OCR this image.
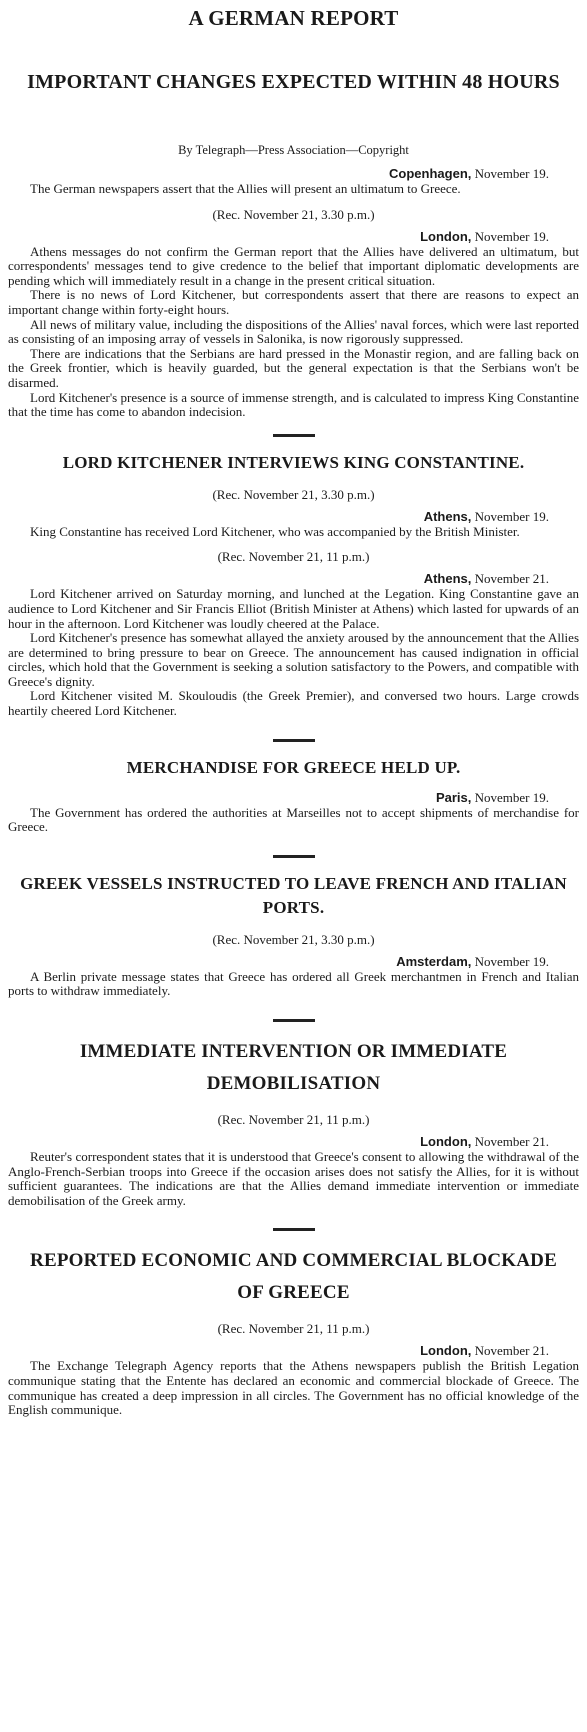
A GERMAN REPORT
IMPORTANT CHANGES EXPECTED WITHIN 48 HOURS
By Telegraph—Press Association—Copyright
Copenhagen, November 19.

The German newspapers assert that the Allies will present an ultimatum to Greece.

(Rec. November 21, 3.30 p.m.)
London, November 19.

Athens messages do not confirm the German report that the Allies have delivered an ultimatum, but correspondents' messages tend to give credence to the belief that important diplomatic developments are pending which will immediately result in a change in the present critical situation.

There is no news of Lord Kitchener, but correspondents assert that there are reasons to expect an important change within forty-eight hours.

All news of military value, including the dispositions of the Allies' naval forces, which were last reported as consisting of an imposing array of vessels in Salonika, is now rigorously suppressed.

There are indications that the Serbians are hard pressed in the Monastir region, and are falling back on the Greek frontier, which is heavily guarded, but the general expectation is that the Serbians won't be disarmed.

Lord Kitchener's presence is a source of immense strength, and is calculated to impress King Constantine that the time has come to abandon indecision.

LORD KITCHENER INTERVIEWS KING CONSTANTINE.
(Rec. November 21, 3.30 p.m.)
Athens, November 19.

King Constantine has received Lord Kitchener, who was accompanied by the British Minister.

(Rec. November 21, 11 p.m.)
Athens, November 21.

Lord Kitchener arrived on Saturday morning, and lunched at the Legation. King Constantine gave an audience to Lord Kitchener and Sir Francis Elliot (British Minister at Athens) which lasted for upwards of an hour in the afternoon. Lord Kitchener was loudly cheered at the Palace.

Lord Kitchener's presence has somewhat allayed the anxiety aroused by the announcement that the Allies are determined to bring pressure to bear on Greece. The announcement has caused indignation in official circles, which hold that the Government is seeking a solution satisfactory to the Powers, and compatible with Greece's dignity.

Lord Kitchener visited M. Skouloudis (the Greek Premier), and conversed two hours. Large crowds heartily cheered Lord Kitchener.

MERCHANDISE FOR GREECE HELD UP.
Paris, November 19.

The Government has ordered the authorities at Marseilles not to accept shipments of merchandise for Greece.

GREEK VESSELS INSTRUCTED TO LEAVE FRENCH AND ITALIAN PORTS.
(Rec. November 21, 3.30 p.m.)
Amsterdam, November 19.

A Berlin private message states that Greece has ordered all Greek merchantmen in French and Italian ports to withdraw immediately.

IMMEDIATE INTERVENTION OR IMMEDIATE DEMOBILISATION
(Rec. November 21, 11 p.m.)
London, November 21.

Reuter's correspondent states that it is understood that Greece's consent to allowing the withdrawal of the Anglo-French-Serbian troops into Greece if the occasion arises does not satisfy the Allies, for it is without sufficient guarantees. The indications are that the Allies demand immediate intervention or immediate demobilisation of the Greek army.

REPORTED ECONOMIC AND COMMERCIAL BLOCKADE OF GREECE
(Rec. November 21, 11 p.m.)
London, November 21.

The Exchange Telegraph Agency reports that the Athens newspapers publish the British Legation communique stating that the Entente has declared an economic and commercial blockade of Greece. The communique has created a deep impression in all circles. The Government has no official knowledge of the English communique.
